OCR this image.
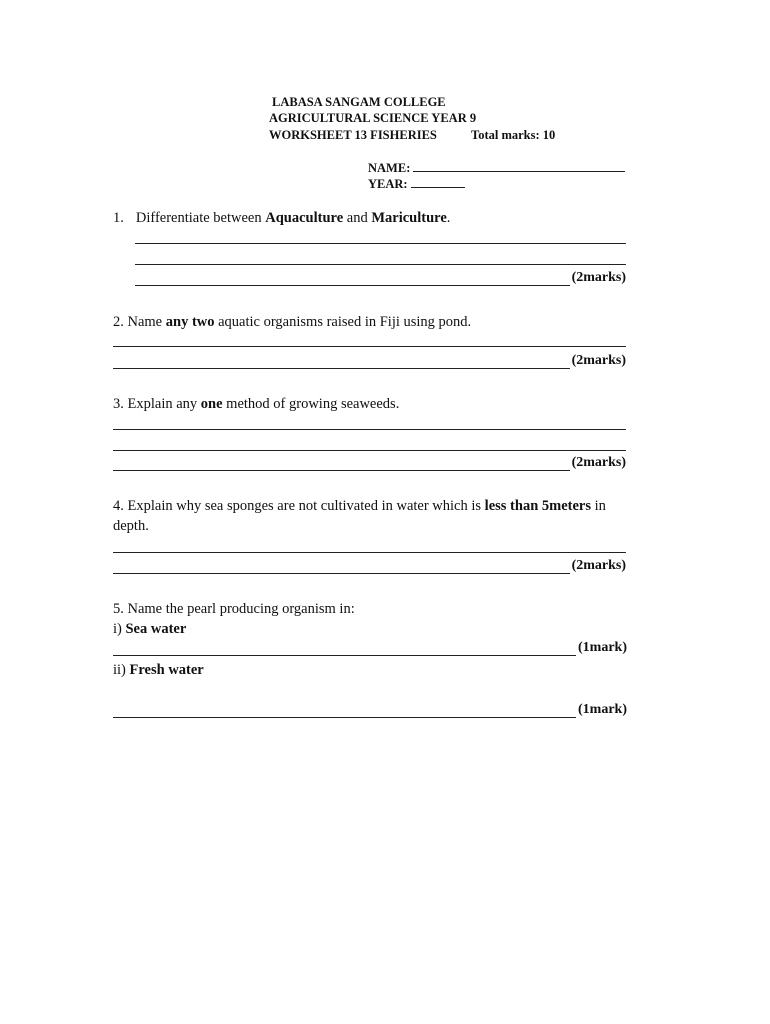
LABASA SANGAM COLLEGE
AGRICULTURAL SCIENCE YEAR 9
WORKSHEET 13 FISHERIES	Total marks: 10
NAME:
YEAR:
1. Differentiate between Aquaculture and Mariculture.
(2marks)
2. Name any two aquatic organisms raised in Fiji using pond.
(2marks)
3. Explain any one method of growing seaweeds.
(2marks)
4. Explain why sea sponges are not cultivated in water which is less than 5meters in
depth.
(2marks)
5. Name the pearl producing organism in:
i) Sea water
(1mark)
ii) Fresh water
(1mark)
